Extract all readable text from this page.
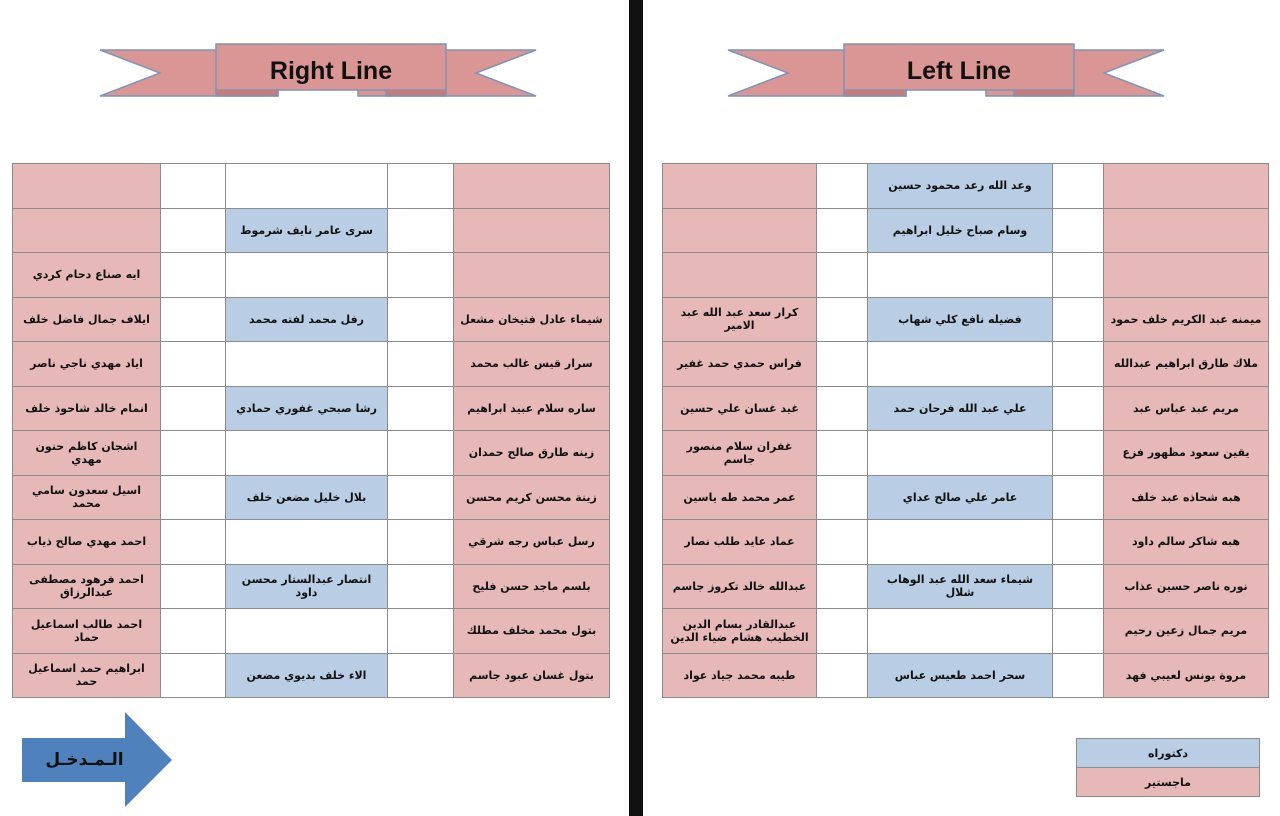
Right Line	Left Line

		سرى عامر نايف شرموط		
ايه صناع دحام كردي				
ايلاف جمال فاضل خلف		رفل محمد لفته محمد		شيماء عادل فتيخان مشعل
اياد مهدي ناجي ناصر				سرار قيس غالب محمد
انمام خالد شاحوذ خلف		رشا صبحي غفوري حمادي		ساره سلام عبيد ابراهيم
اشجان كاظم حنون مهدي				زينه طارق صالح حمدان
اسيل سعدون سامي محمد		بلال خليل مضعن خلف		زينة محسن كريم محسن
احمد مهدي صالح ذياب				رسل عباس رجه شرقي
احمد فرهود مصطفى عبدالرزاق		انتصار عبدالستار محسن داود		بلسم ماجد حسن فليح
احمد طالب اسماعيل حماد				بتول محمد مخلف مطلك
ابراهيم حمد اسماعيل حمد		الاء خلف بديوي مضعن		بتول غسان عبود جاسم
		وعد الله رعد محمود حسين		
		وسام صباح خليل ابراهيم		

كرار سعد عبد الله عبد الامير		فضيله نافع كلي شهاب		ميمنه عبد الكريم خلف حمود
فراس حمدي حمد غفير				ملاك طارق ابراهيم عبدالله
غيد غسان علي حسين		علي عبد الله فرحان حمد		مريم عبد عباس عبد
غفران سلام منصور جاسم				يقين سعود مظهور فزع
عمر محمد طه ياسين		عامر علي صالح عداي		هبه شحاذه عبد خلف
عماد عايد طلب نصار				هبه شاكر سالم داود
عبدالله خالد تكروز جاسم		شيماء سعد الله عبد الوهاب شلال		نوره ناصر حسين عذاب
عبدالقادر بسام الدين الخطيب هشام ضياء الدين				مريم جمال زعين رحيم
طيبه محمد جياد عواد		سحر احمد طعيس عباس		مروة يونس لعيبي فهد
الـمـدخـل	دكتوراه
ماجستير
